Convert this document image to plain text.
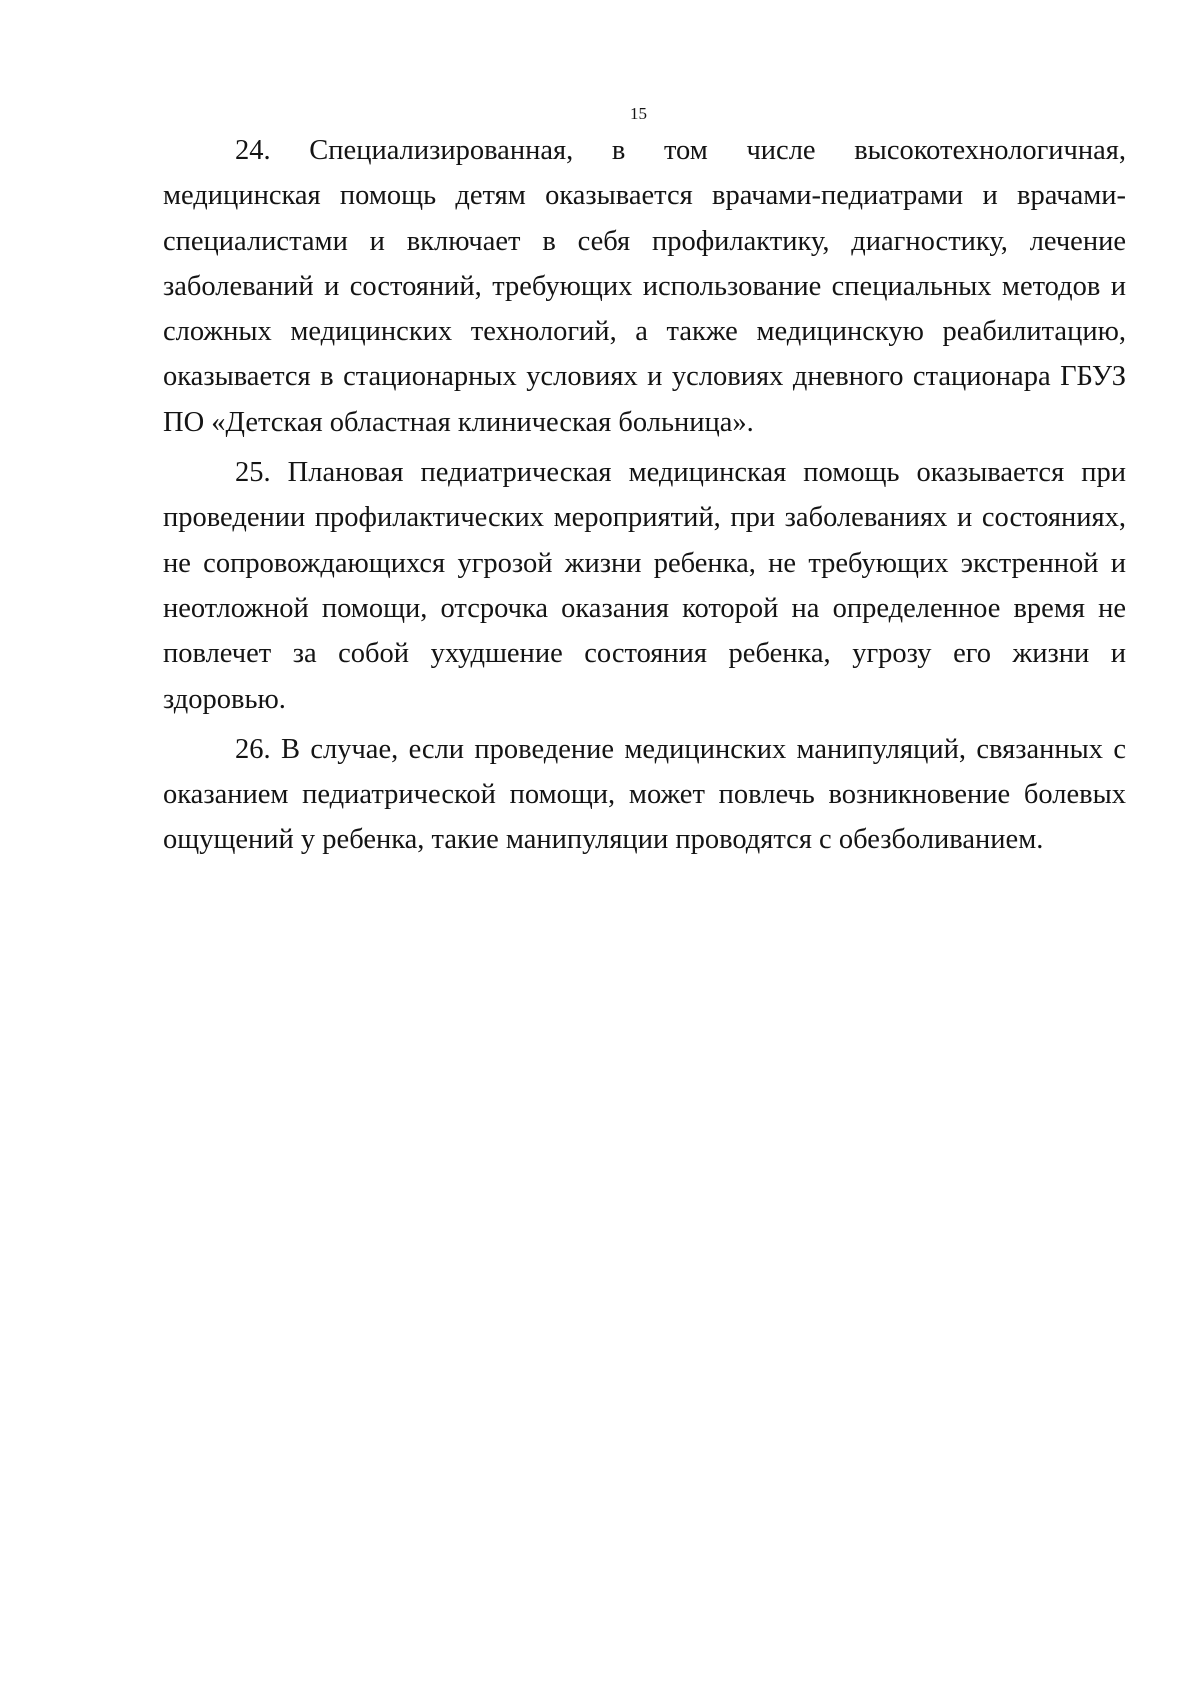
15

24. Специализированная, в том числе высокотехнологичная, медицинская помощь детям оказывается врачами-педиатрами и врачами-специалистами и включает в себя профилактику, диагностику, лечение заболеваний и состояний, требующих использование специальных методов и сложных медицинских технологий, а также медицинскую реабилитацию, оказывается в стационарных условиях и условиях дневного стационара ГБУЗ ПО «Детская областная клиническая больница».

25. Плановая педиатрическая медицинская помощь оказывается при проведении профилактических мероприятий, при заболеваниях и состояниях, не сопровождающихся угрозой жизни ребенка, не требующих экстренной и неотложной помощи, отсрочка оказания которой на определенное время не повлечет за собой ухудшение состояния ребенка, угрозу его жизни и здоровью.

26. В случае, если проведение медицинских манипуляций, связанных с оказанием педиатрической помощи, может повлечь возникновение болевых ощущений у ребенка, такие манипуляции проводятся с обезболиванием.
